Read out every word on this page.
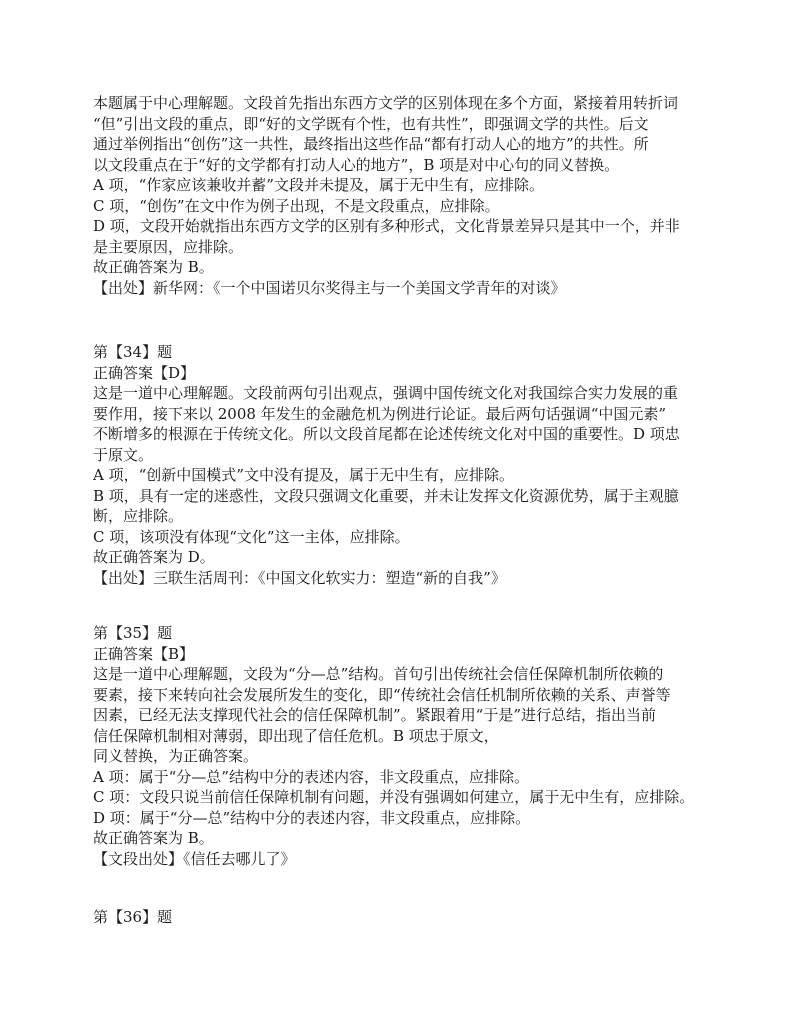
本题属于中心理解题。文段首先指出东西方文学的区别体现在多个方面，紧接着用转折词
“但”引出文段的重点，即“好的文学既有个性，也有共性”，即强调文学的共性。后文
通过举例指出“创伤”这一共性，最终指出这些作品“都有打动人心的地方”的共性。所
以文段重点在于“好的文学都有打动人心的地方”，B 项是对中心句的同义替换。
A 项，“作家应该兼收并蓄”文段并未提及，属于无中生有，应排除。
C 项，“创伤”在文中作为例子出现，不是文段重点，应排除。
D 项，文段开始就指出东西方文学的区别有多种形式，文化背景差异只是其中一个，并非
是主要原因，应排除。
故正确答案为 B。
【出处】新华网：《一个中国诺贝尔奖得主与一个美国文学青年的对谈》
第【34】题
正确答案【D】
这是一道中心理解题。文段前两句引出观点，强调中国传统文化对我国综合实力发展的重
要作用，接下来以 2008 年发生的金融危机为例进行论证。最后两句话强调“中国元素”
不断增多的根源在于传统文化。所以文段首尾都在论述传统文化对中国的重要性。D 项忠
于原文。
A 项，“创新中国模式”文中没有提及，属于无中生有，应排除。
B 项，具有一定的迷惑性，文段只强调文化重要，并未让发挥文化资源优势，属于主观臆
断，应排除。
C 项，该项没有体现“文化”这一主体，应排除。
故正确答案为 D。
【出处】三联生活周刊：《中国文化软实力：塑造“新的自我”》
第【35】题
正确答案【B】
这是一道中心理解题，文段为“分—总”结构。首句引出传统社会信任保障机制所依赖的
要素，接下来转向社会发展所发生的变化，即“传统社会信任机制所依赖的关系、声誉等
因素，已经无法支撑现代社会的信任保障机制”。紧跟着用“于是”进行总结，指出当前
信任保障机制相对薄弱，即出现了信任危机。B 项忠于原文，
同义替换，为正确答案。
A 项：属于“分—总”结构中分的表述内容，非文段重点，应排除。
C 项：文段只说当前信任保障机制有问题，并没有强调如何建立，属于无中生有，应排除。
D 项：属于“分—总”结构中分的表述内容，非文段重点，应排除。
故正确答案为 B。
【文段出处】《信任去哪儿了》
第【36】题
